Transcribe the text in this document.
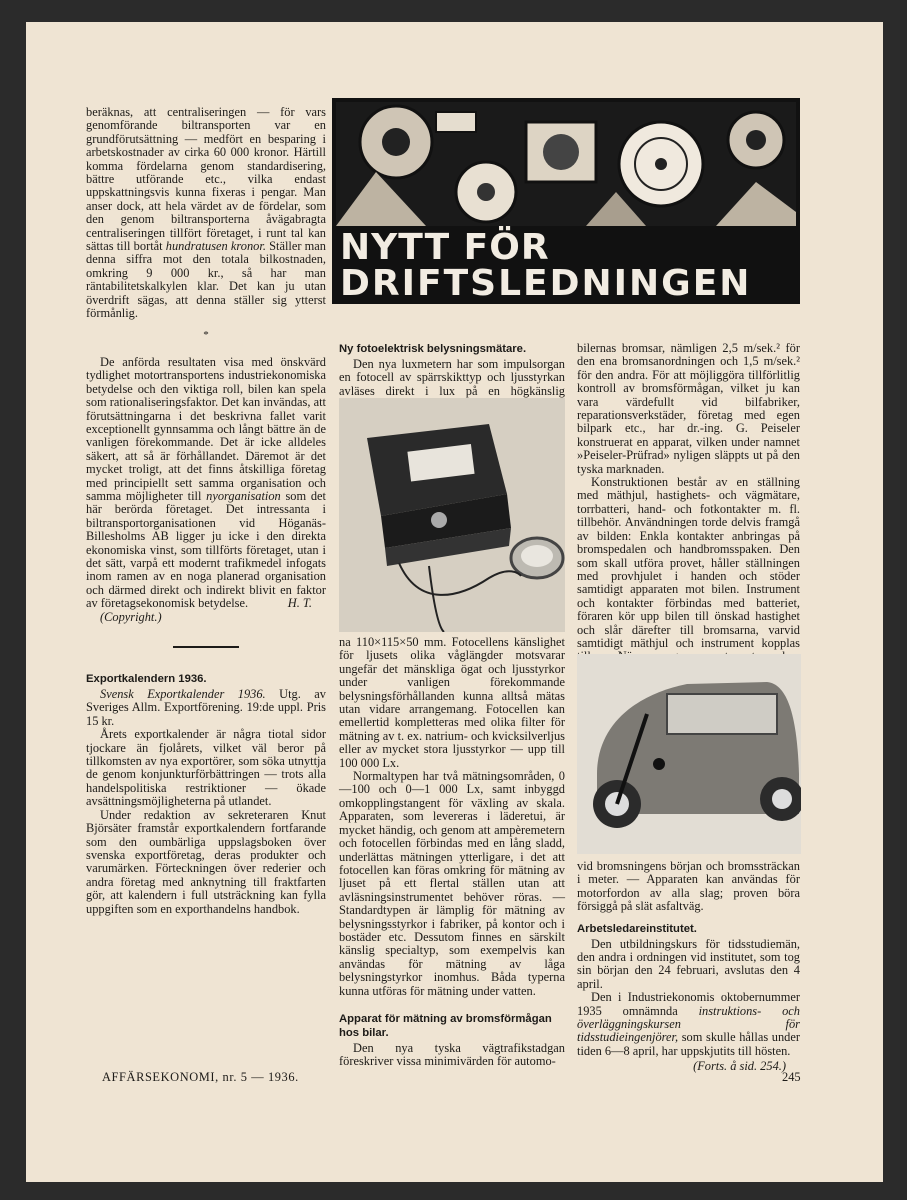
beräknas, att centraliseringen — för vars genomförande biltransporten var en grundförutsättning — medfört en besparing i arbetskostnader av cirka 60 000 kronor. Härtill komma fördelarna genom standardisering, bättre utförande etc., vilka endast uppskattningsvis kunna fixeras i pengar. Man anser dock, att hela värdet av de fördelar, som den genom biltransporterna åvägabragta centraliseringen tillfört företaget, i runt tal kan sättas till bortåt hundratusen kronor. Ställer man denna siffra mot den totala bilkostnaden, omkring 9 000 kr., så har man räntabilitetskalkylen klar. Det kan ju utan överdrift sägas, att denna ställer sig ytterst förmånlig.

*

De anförda resultaten visa med önskvärd tydlighet motortransportens industriekonomiska betydelse och den viktiga roll, bilen kan spela som rationaliseringsfaktor. Det kan invändas, att förutsättningarna i det beskrivna fallet varit exceptionellt gynnsamma och långt bättre än de vanligen förekommande. Det är icke alldeles säkert, att så är förhållandet. Däremot är det mycket troligt, att det finns åtskilliga företag med principiellt sett samma organisation och samma möjligheter till nyorganisation som det här berörda företaget. Det intressanta i biltransportorganisationen vid Höganäs-Billesholms AB ligger ju icke i den direkta ekonomiska vinst, som tillförts företaget, utan i det sätt, varpå ett modernt trafikmedel infogats inom ramen av en noga planerad organisation och därmed direkt och indirekt blivit en faktor av företagsekonomisk betydelse.	H. T.

(Copyright.)

Exportkalendern 1936.

Svensk Exportkalender 1936. Utg. av Sveriges Allm. Exportförening. 19:de uppl. Pris 15 kr.

Årets exportkalender är några tiotal sidor tjockare än fjolårets, vilket väl beror på tillkomsten av nya exportörer, som söka utnyttja de genom konjunkturförbättringen — trots alla handelspolitiska restriktioner — ökade avsättningsmöjligheterna på utlandet.

Under redaktion av sekreteraren Knut Björsäter framstår exportkalendern fortfarande som den oumbärliga uppslagsboken över svenska exportföretag, deras produkter och varumärken. Förteckningen över rederier och andra företag med anknytning till fraktfarten gör, att kalendern i full utsträckning kan fylla uppgiften som en exporthandelns handbok.

NYTT FÖR
DRIFTSLEDNINGEN
Ny fotoelektrisk belysningsmätare.

Den nya luxmetern har som impulsorgan en fotocell av spärrskikttyp och ljusstyrkan avläses direkt i lux på en högkänslig

na 110×115×50 mm. Fotocellens känslighet för ljusets olika våglängder motsvarar ungefär det mänskliga ögat och ljusstyrkor under vanligen förekommande belysningsförhållanden kunna alltså mätas utan vidare arrangemang. Fotocellen kan emellertid kompletteras med olika filter för mätning av t. ex. natrium- och kvicksilverljus eller av mycket stora ljusstyrkor — upp till 100 000 Lx.

Normaltypen har två mätningsområden, 0—100 och 0—1 000 Lx, samt inbyggd omkopplingstangent för växling av skala. Apparaten, som levereras i läderetui, är mycket händig, och genom att ampèremetern och fotocellen förbindas med en lång sladd, underlättas mätningen ytterligare, i det att fotocellen kan föras omkring för mätning av ljuset på ett flertal ställen utan att avläsningsinstrumentet behöver röras. — Standardtypen är lämplig för mätning av belysningsstyrkor i fabriker, på kontor och i bostäder etc. Dessutom finnes en särskilt känslig specialtyp, som exempelvis kan användas för mätning av låga belysningstyrkor inomhus. Båda typerna kunna utföras för mätning under vatten.

Apparat för mätning av bromsförmågan hos bilar.

Den nya tyska vägtrafikstadgan föreskriver vissa minimivärden för automo-

bilernas bromsar, nämligen 2,5 m/sek.² för den ena bromsanordningen och 1,5 m/sek.² för den andra. För att möjliggöra tillförlitlig kontroll av bromsförmågan, vilket ju kan vara värdefullt vid bilfabriker, reparationsverkstäder, företag med egen bilpark etc., har dr.-ing. G. Peiseler konstruerat en apparat, vilken under namnet »Peiseler-Prüfrad» nyligen släppts ut på den tyska marknaden.

Konstruktionen består av en ställning med mäthjul, hastighets- och vägmätare, torrbatteri, hand- och fotkontakter m. fl. tillbehör. Användningen torde delvis framgå av bilden: Enkla kontakter anbringas på bromspedalen och handbromsspaken. Den som skall utföra provet, håller ställningen med provhjulet i handen och stöder samtidigt apparaten mot bilen. Instrument och kontakter förbindas med batteriet, föraren kör upp bilen till önskad hastighet och slår därefter till bromsarna, varvid samtidigt mäthjul och instrument kopplas

vid bromsningens början och bromssträckan i meter. — Apparaten kan användas för motorfordon av alla slag; proven böra försiggå på slät asfaltväg.

Arbetsledareinstitutet.

Den utbildningskurs för tidsstudiemän, den andra i ordningen vid institutet, som tog sin början den 24 februari, avslutas den 4 april.

Den i Industriekonomis oktobernummer 1935 omnämnda instruktions- och överläggningskursen för tidsstudieingenjörer, som skulle hållas under tiden 6—8 april, har uppskjutits till hösten.

(Forts. å sid. 254.)
AFFÄRSEKONOMI, nr. 5 — 1936.	245
